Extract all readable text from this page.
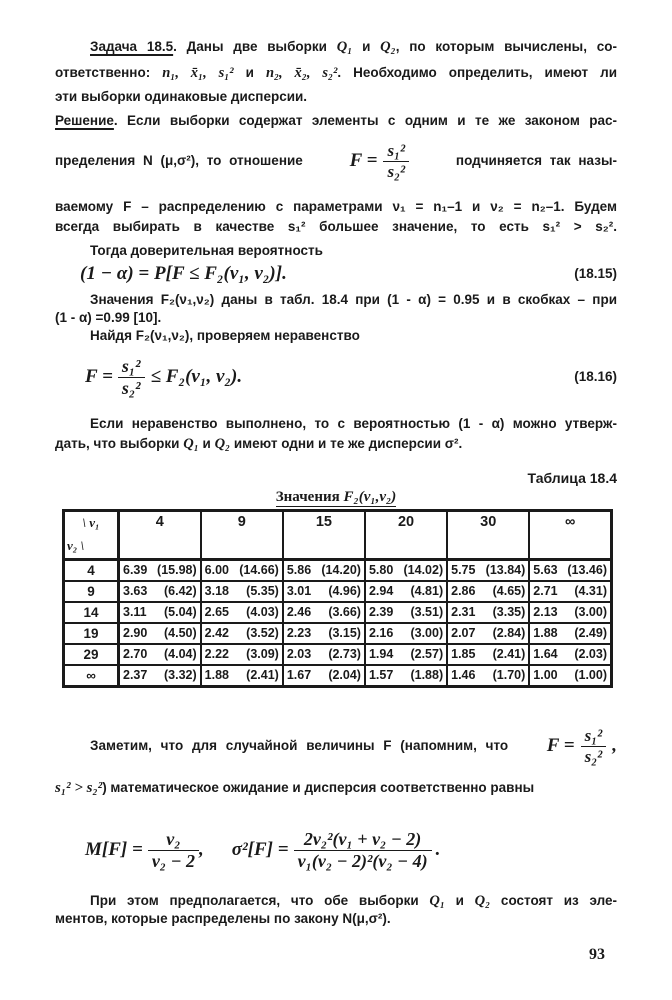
Задача 18.5. Даны две выборки Q₁ и Q₂, по которым вычислены, со-
ответственно: n₁, x̄₁, s₁² и n₂, x̄₂, s₂². Необходимо определить, имеют ли
эти выборки одинаковые дисперсии.
Решение. Если выборки содержат элементы с одним и те же законом рас-
пределения N (μ,σ²), то отношение $F = \frac{\text{s₁²}}{\text{s₂²}}$	подчиняется так назы-
ваемому F – распределению с параметрами ν₁ = n₁–1 и ν₂ = n₂–1. Будем
всегда выбирать в качестве s₁² большее значение, то есть s₁² > s₂².
Тогда доверительная вероятность
(1 − α) = P[F ≤ F₂(ν₁, ν₂)].	(18.15)
Значения F₂(ν₁,ν₂) даны в табл. 18.4 при (1 - α) = 0.95 и в скобках – при
(1 - α) =0.99 [10].
Найдя F₂(ν₁,ν₂), проверяем неравенство
$F = \frac{\text{s₁²}}{\text{s₂²}} \le F_2(\nu_1$, ν₂).	(18.16)
Если неравенство выполнено, то с вероятностью (1 - α) можно утверж-
дать, что выборки Q₁ и Q₂ имеют одни и те же дисперсии σ².
Таблица 18.4
Значения F₂(ν₁,ν₂)
\ ν₁
ν₂ \	4	9	15	20	30	∞
4	6.39 (15.98)	6.00 (14.66)	5.86 (14.20)	5.80 (14.02)	5.75 (13.84)	5.63 (13.46)

9	3.63 (6.42)	3.18 (5.35)	3.01 (4.96)	2.94 (4.81)	2.86 (4.65)	2.71 (4.31)

14	3.11 (5.04)	2.65 (4.03)	2.46 (3.66)	2.39 (3.51)	2.31 (3.35)	2.13 (3.00)

19	2.90 (4.50)	2.42 (3.52)	2.23 (3.15)	2.16 (3.00)	2.07 (2.84)	1.88 (2.49)

29	2.70 (4.04)	2.22 (3.09)	2.03 (2.73)	1.94 (2.57)	1.85 (2.41)	1.64 (2.03)

∞	2.37 (3.32)	1.88 (2.41)	1.67 (2.04)	1.57 (1.88)	1.46 (1.70)	1.00 (1.00)
Заметим, что для случайной величины F (напомним, что $F = \frac{\text{s₁²}}{\text{s₂²}}$ ,
s₁² > s₂² ) математическое ожидание и дисперсия соответственно равны
$M[F] = \frac{\text{ν₂}}{\text{ν₂ − 2}}$ , $\sigma^2[F] = \frac{\text{2ν₂²(ν₁ + ν₂ − 2)}}{\text{ν₁(ν₂ − 2)²(ν₂ − 4)}}$ .
При этом предполагается, что обе выборки Q₁ и Q₂ состоят из эле-
ментов, которые распределены по закону N(μ,σ²).
93
